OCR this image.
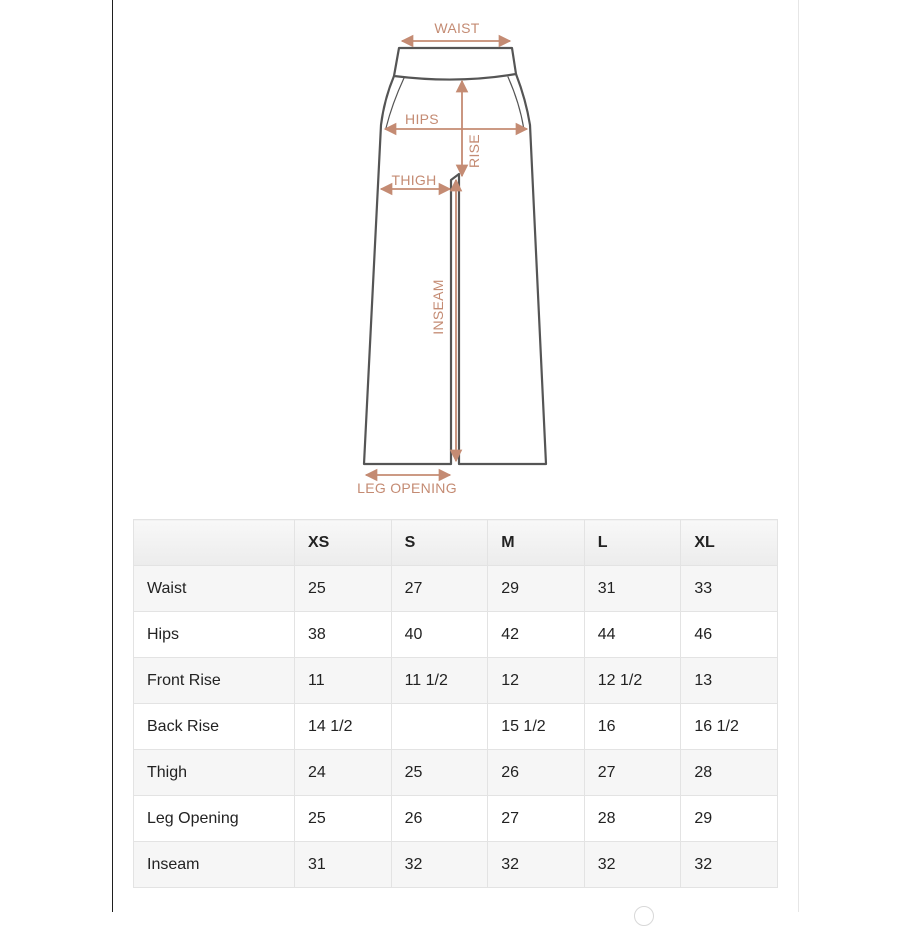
WAIST
HIPS
RISE
THIGH
INSEAM
LEG OPENING
	XS	S	M	L	XL
Waist	25	27	29	31	33
Hips	38	40	42	44	46
Front Rise	11	11 1/2	12	12 1/2	13
Back Rise	14 1/2		15 1/2	16	16 1/2
Thigh	24	25	26	27	28
Leg Opening	25	26	27	28	29
Inseam	31	32	32	32	32
